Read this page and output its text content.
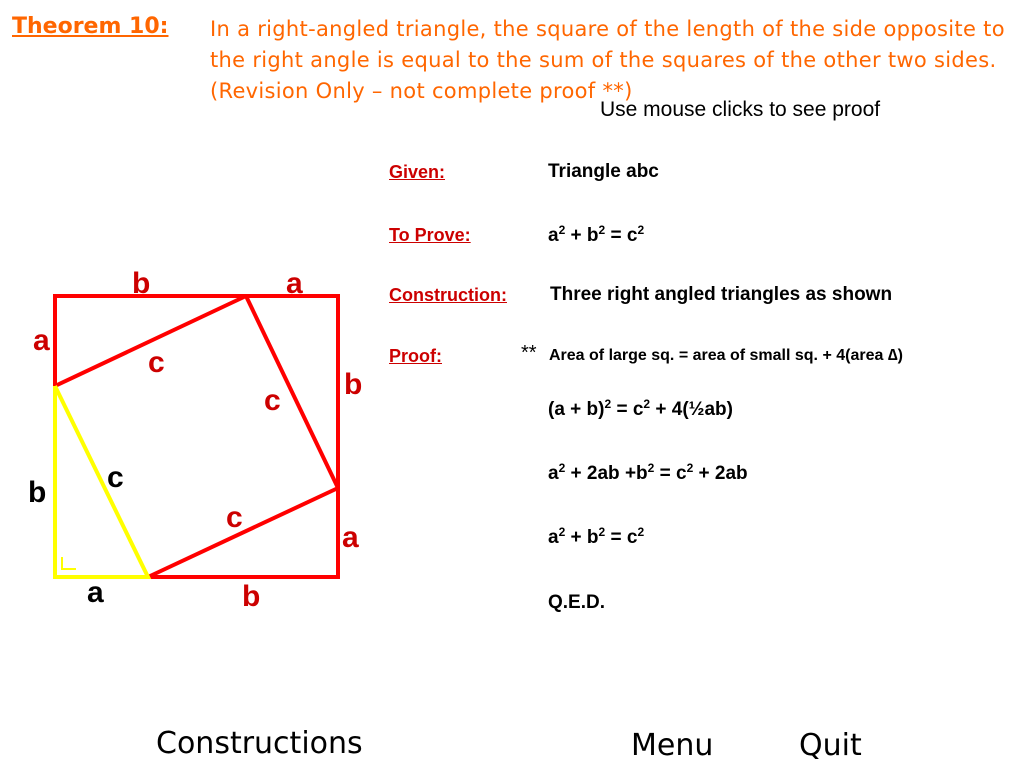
Theorem 10: In a right-angled triangle, the square of the length of the side opposite to the right angle is equal to the sum of the squares of the other two sides. (Revision Only – not complete proof **)
Use mouse clicks to see proof
Given:	Triangle abc
To Prove:	$a^2 + b^2 = c^2$
Construction: Three right angled triangles as shown
Proof:	** Area of large sq. = area of small sq. + 4(area ∆)
$(a + b)^2 = c^2$ + 4(½ab)
$a^2 + 2ab +b^2 = c^2 + 2ab$
$a^2 + b^2 = c^2$
Q.E.D.
b	a
a
b
b
a
a	b
c
c
c
c
Constructions	Menu	Quit
